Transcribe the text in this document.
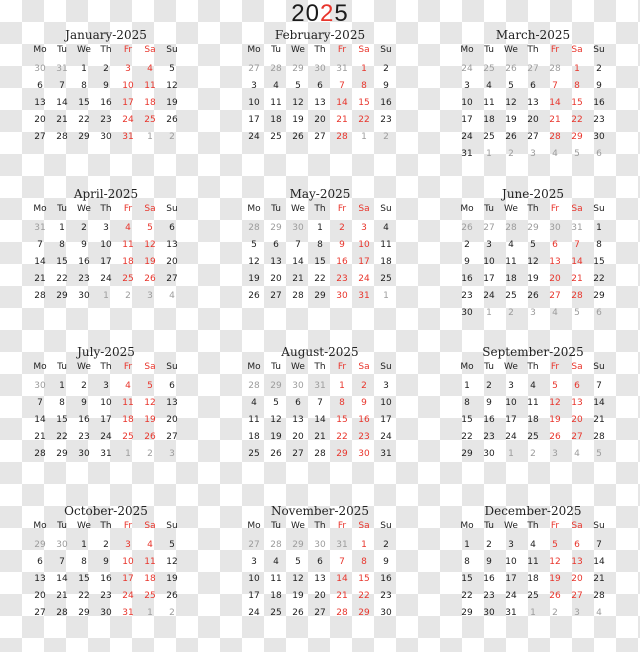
2025
January-2025
Mo	Tu	We	Th	Fr	Sa	Su
30	31	1	2	3	4	5
6	7	8	9	10	11	12
13	14	15	16	17	18	19
20	21	22	23	24	25	26
27	28	29	30	31	1	2
February-2025
Mo	Tu	We	Th	Fr	Sa	Su
27	28	29	30	31	1	2
3	4	5	6	7	8	9
10	11	12	13	14	15	16
17	18	19	20	21	22	23
24	25	26	27	28	1	2
March-2025
Mo	Tu	We	Th	Fr	Sa	Su
24	25	26	27	28	1	2
3	4	5	6	7	8	9
10	11	12	13	14	15	16
17	18	19	20	21	22	23
24	25	26	27	28	29	30
31	1	2	3	4	5	6
April-2025
Mo	Tu	We	Th	Fr	Sa	Su
31	1	2	3	4	5	6
7	8	9	10	11	12	13
14	15	16	17	18	19	20
21	22	23	24	25	26	27
28	29	30	1	2	3	4
May-2025
Mo	Tu	We	Th	Fr	Sa	Su
28	29	30	1	2	3	4
5	6	7	8	9	10	11
12	13	14	15	16	17	18
19	20	21	22	23	24	25
26	27	28	29	30	31	1
June-2025
Mo	Tu	We	Th	Fr	Sa	Su
26	27	28	29	30	31	1
2	3	4	5	6	7	8
9	10	11	12	13	14	15
16	17	18	19	20	21	22
23	24	25	26	27	28	29
30	1	2	3	4	5	6
July-2025
Mo	Tu	We	Th	Fr	Sa	Su
30	1	2	3	4	5	6
7	8	9	10	11	12	13
14	15	16	17	18	19	20
21	22	23	24	25	26	27
28	29	30	31	1	2	3
August-2025
Mo	Tu	We	Th	Fr	Sa	Su
28	29	30	31	1	2	3
4	5	6	7	8	9	10
11	12	13	14	15	16	17
18	19	20	21	22	23	24
25	26	27	28	29	30	31
September-2025
Mo	Tu	We	Th	Fr	Sa	Su
1	2	3	4	5	6	7
8	9	10	11	12	13	14
15	16	17	18	19	20	21
22	23	24	25	26	27	28
29	30	1	2	3	4	5
October-2025
Mo	Tu	We	Th	Fr	Sa	Su
29	30	1	2	3	4	5
6	7	8	9	10	11	12
13	14	15	16	17	18	19
20	21	22	23	24	25	26
27	28	29	30	31	1	2
November-2025
Mo	Tu	We	Th	Fr	Sa	Su
27	28	29	30	31	1	2
3	4	5	6	7	8	9
10	11	12	13	14	15	16
17	18	19	20	21	22	23
24	25	26	27	28	29	30
December-2025
Mo	Tu	We	Th	Fr	Sa	Su
1	2	3	4	5	6	7
8	9	10	11	12	13	14
15	16	17	18	19	20	21
22	23	24	25	26	27	28
29	30	31	1	2	3	4
